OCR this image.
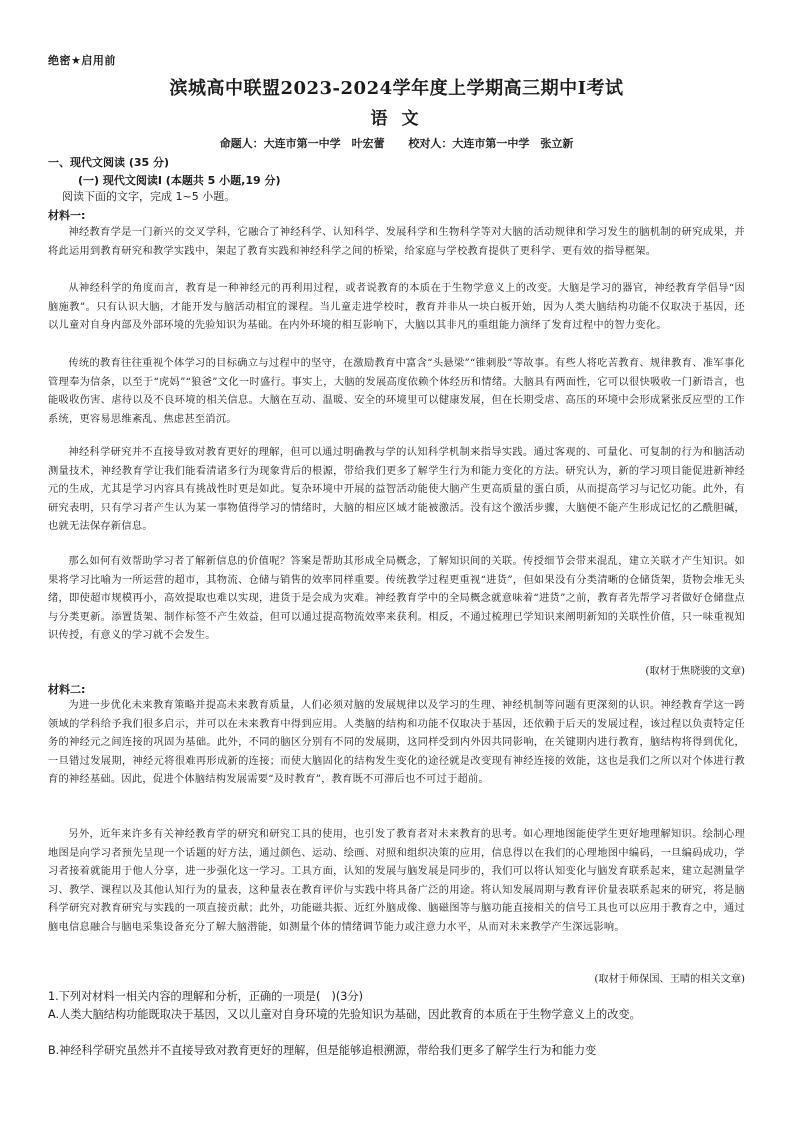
绝密★启用前
滨城高中联盟2023-2024学年度上学期高三期中Ⅰ考试
语 文
命题人：大连市第一中学　叶宏蕾 校对人：大连市第一中学　张立新
一、现代文阅读 (35 分)
(一) 现代文阅读Ⅰ (本题共 5 小题,19 分)
阅读下面的文字，完成 1~5 小题。
材料一:
神经教育学是一门新兴的交叉学科，它融合了神经科学、认知科学、发展科学和生物科学等对大脑的活动规律和学习发生的脑机制的研究成果，并将此运用到教育研究和教学实践中，架起了教育实践和神经科学之间的桥梁，给家庭与学校教育提供了更科学、更有效的指导框架。
从神经科学的角度而言，教育是一种神经元的再利用过程，或者说教育的本质在于生物学意义上的改变。大脑是学习的器官，神经教育学倡导“因脑施教”。只有认识大脑，才能开发与脑活动相宜的课程。当儿童走进学校时，教育并非从一块白板开始，因为人类大脑结构功能不仅取决于基因，还以儿童对自身内部及外部环境的先验知识为基础。在内外环境的相互影响下，大脑以其非凡的重组能力演绎了发育过程中的智力变化。
传统的教育往往重视个体学习的目标确立与过程中的坚守，在激励教育中富含“头悬梁”“锥刺股”等故事。有些人将吃苦教育、规律教育、准军事化管理奉为信条，以至于“虎妈”“狼爸”文化一时盛行。事实上，大脑的发展高度依赖个体经历和情绪。大脑具有两面性，它可以很快吸收一门新语言，也能吸收伤害、虐待以及不良环境的相关信息。大脑在互动、温暖、安全的环境里可以健康发展，但在长期受虐、高压的环境中会形成紧张反应型的工作系统，更容易思维紊乱、焦虑甚至消沉。
神经科学研究并不直接导致对教育更好的理解，但可以通过明确教与学的认知科学机制来指导实践。通过客观的、可量化、可复制的行为和脑活动测量技术，神经教育学让我们能看清诸多行为现象背后的根源，带给我们更多了解学生行为和能力变化的方法。研究认为，新的学习项目能促进新神经元的生成，尤其是学习内容具有挑战性时更是如此。复杂环境中开展的益智活动能使大脑产生更高质量的蛋白质，从而提高学习与记忆功能。此外，有研究表明，只有学习者产生认为某一事物值得学习的情绪时，大脑的相应区域才能被激活。没有这个激活步骤，大脑便不能产生形成记忆的乙酰胆碱，也就无法保存新信息。
那么如何有效帮助学习者了解新信息的价值呢？答案是帮助其形成全局概念，了解知识间的关联。传授细节会带来混乱，建立关联才产生知识。如果将学习比喻为一所运营的超市，其物流、仓储与销售的效率同样重要。传统教学过程更重视“进货”，但如果没有分类清晰的仓储货架，货物会堆无头绪，即使超市规模再小，高效提取也难以实现，进货于是会成为灾难。神经教育学中的全局概念就意味着“进货”之前，教育者先帮学习者做好仓储盘点与分类更新。添置货架、制作标签不产生效益，但可以通过提高物流效率来获利。相反，不通过梳理已学知识来阐明新知的关联性价值，只一味重视知识传授，有意义的学习就不会发生。
(取材于焦晓骏的文章)
材料二:
为进一步优化未来教育策略并提高未来教育质量，人们必须对脑的发展规律以及学习的生理、神经机制等问题有更深刻的认识。神经教育学这一跨领域的学科给予我们很多启示，并可以在未来教育中得到应用。人类脑的结构和功能不仅取决于基因，还依赖于后天的发展过程，该过程以负责特定任务的神经元之间连接的巩固为基础。此外，不同的脑区分别有不同的发展期，这同样受到内外因共同影响，在关键期内进行教育，脑结构将得到优化，一旦错过发展期，神经元将很难再形成新的连接；而使大脑固化的结构发生变化的途径就是改变现有神经连接的效能，这也是我们之所以对个体进行教育的神经基础。因此，促进个体脑结构发展需要“及时教育”，教育既不可滞后也不可过于超前。
另外，近年来许多有关神经教育学的研究和研究工具的使用，也引发了教育者对未来教育的思考。如心理地图能使学生更好地理解知识。绘制心理地图是向学习者预先呈现一个话题的好方法，通过颜色、运动、绘画、对照和组织决策的应用，信息得以在我们的心理地图中编码，一旦编码成功，学习者接着就能用于他人分享，进一步强化这一学习。工具方面，认知的发展与脑发展是同步的，我们可以将认知变化与脑发育联系起来，建立起测量学习、教学、课程以及其他认知行为的量表，这种量表在教育评价与实践中将具备广泛的用途。将认知发展周期与教育评价量表联系起来的研究，将是脑科学研究对教育研究与实践的一项直接贡献；此外，功能磁共振、近红外脑成像、脑磁图等与脑功能直接相关的信号工具也可以应用于教育之中，通过脑电信息融合与脑电采集设备充分了解大脑潜能，如测量个体的情绪调节能力或注意力水平，从而对未来教学产生深远影响。
(取材于师保国、王晴的相关文章)
1.下列对材料一相关内容的理解和分析，正确的一项是(　)(3分)
A.人类大脑结构功能既取决于基因，又以儿童对自身环境的先验知识为基础，因此教育的本质在于生物学意义上的改变。
B.神经科学研究虽然并不直接导致对教育更好的理解，但是能够追根溯源，带给我们更多了解学生行为和能力变
